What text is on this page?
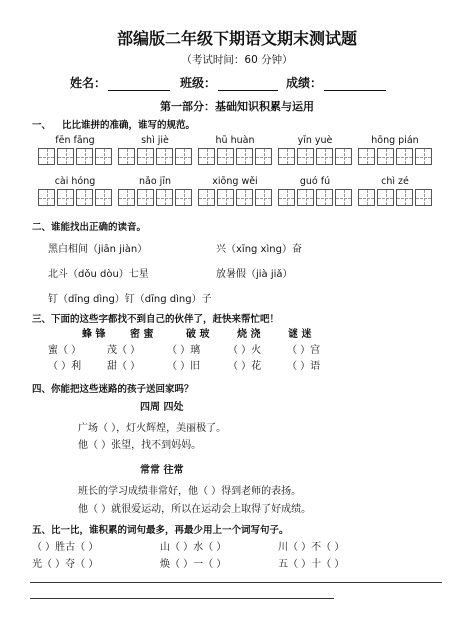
部编版二年级下期语文期末测试题
（考试时间：60 分钟）
姓名：	班级：	成绩：
第一部分：基础知识积累与运用
一、 比比谁拼的准确，谁写的规范。
fēn fāng	shì jiè	hū huàn	yīn yuè	hōng pián
cài hóng	nǎo jīn	xiōng wěi	guó fú	chì zé
二、谁能找出正确的读音。
黑白相间（jiān jiàn）	兴（xīng xìng）奋
北斗（dǒu dòu）七星	放暑假（jià jiǎ）
钉（dīng dìng）钉（dīng dìng）子
三、下面的这些字都找不到自己的伙伴了，赶快来帮忙吧！
蜂 锋 密 蜜	破 玻	烧 浇	谜 迷
蜜（ ）	茂（ ）	（ ）璃	（ ）火	（ ）宫
（ ）利	甜（ ）	（ ）旧	（ ）花	（ ）语
四、你能把这些迷路的孩子送回家吗？
四周 四处
广场（ ），灯火辉煌，美丽极了。
他（ ）张望，找不到妈妈。
常常 往常
班长的学习成绩非常好，他（ ）得到老师的表扬。
他（ ）就很爱运动，所以在运动会上取得了好成绩。
五、比一比，谁积累的词句最多，再最少用上一个词写句子。
（ ）胜古（ ）	山（ ）水（ ）	川（ ）不（ ）
光（ ）夺（ ）	焕（ ）一（ ）	五（ ）十（ ）
